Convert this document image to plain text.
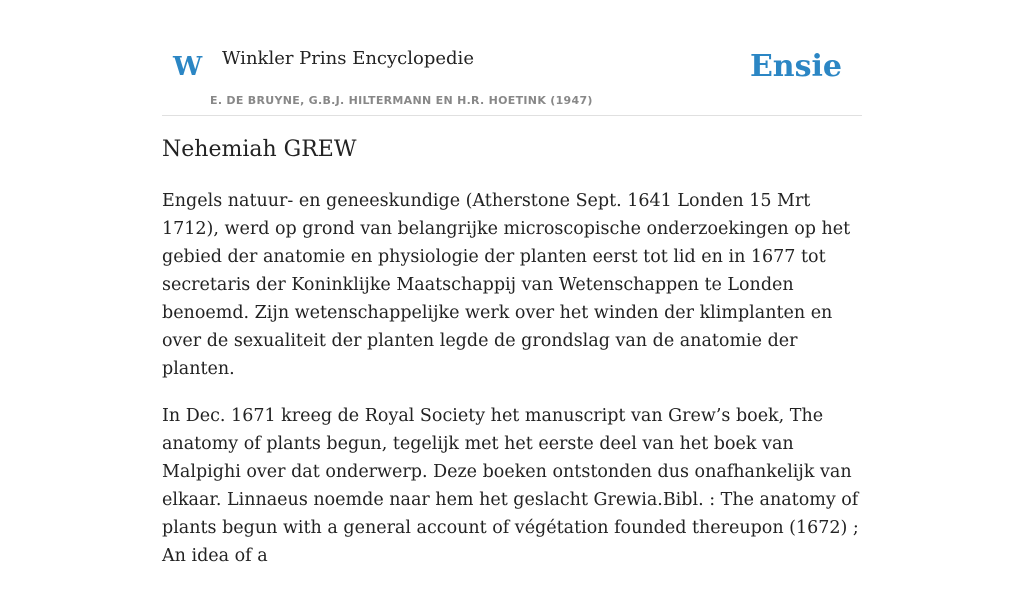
W Winkler Prins Encyclopedie
E. DE BRUYNE, G.B.J. HILTERMANN EN H.R. HOETINK (1947)
Ensie
Nehemiah GREW

Engels natuur- en geneeskundige (Atherstone Sept. 1641 Londen 15 Mrt 1712), werd op grond van belangrijke microscopische onderzoekingen op het gebied der anatomie en physiologie der planten eerst tot lid en in 1677 tot secretaris der Koninklijke Maatschappij van Wetenschappen te Londen benoemd. Zijn wetenschappelijke werk over het winden der klimplanten en over de sexualiteit der planten legde de grondslag van de anatomie der planten.

In Dec. 1671 kreeg de Royal Society het manuscript van Grew’s boek, The anatomy of plants begun, tegelijk met het eerste deel van het boek van Malpighi over dat onderwerp. Deze boeken ontstonden dus onafhankelijk van elkaar. Linnaeus noemde naar hem het geslacht Grewia.Bibl. : The anatomy of plants begun with a general account of végétation founded thereupon (1672) ; An idea of a
